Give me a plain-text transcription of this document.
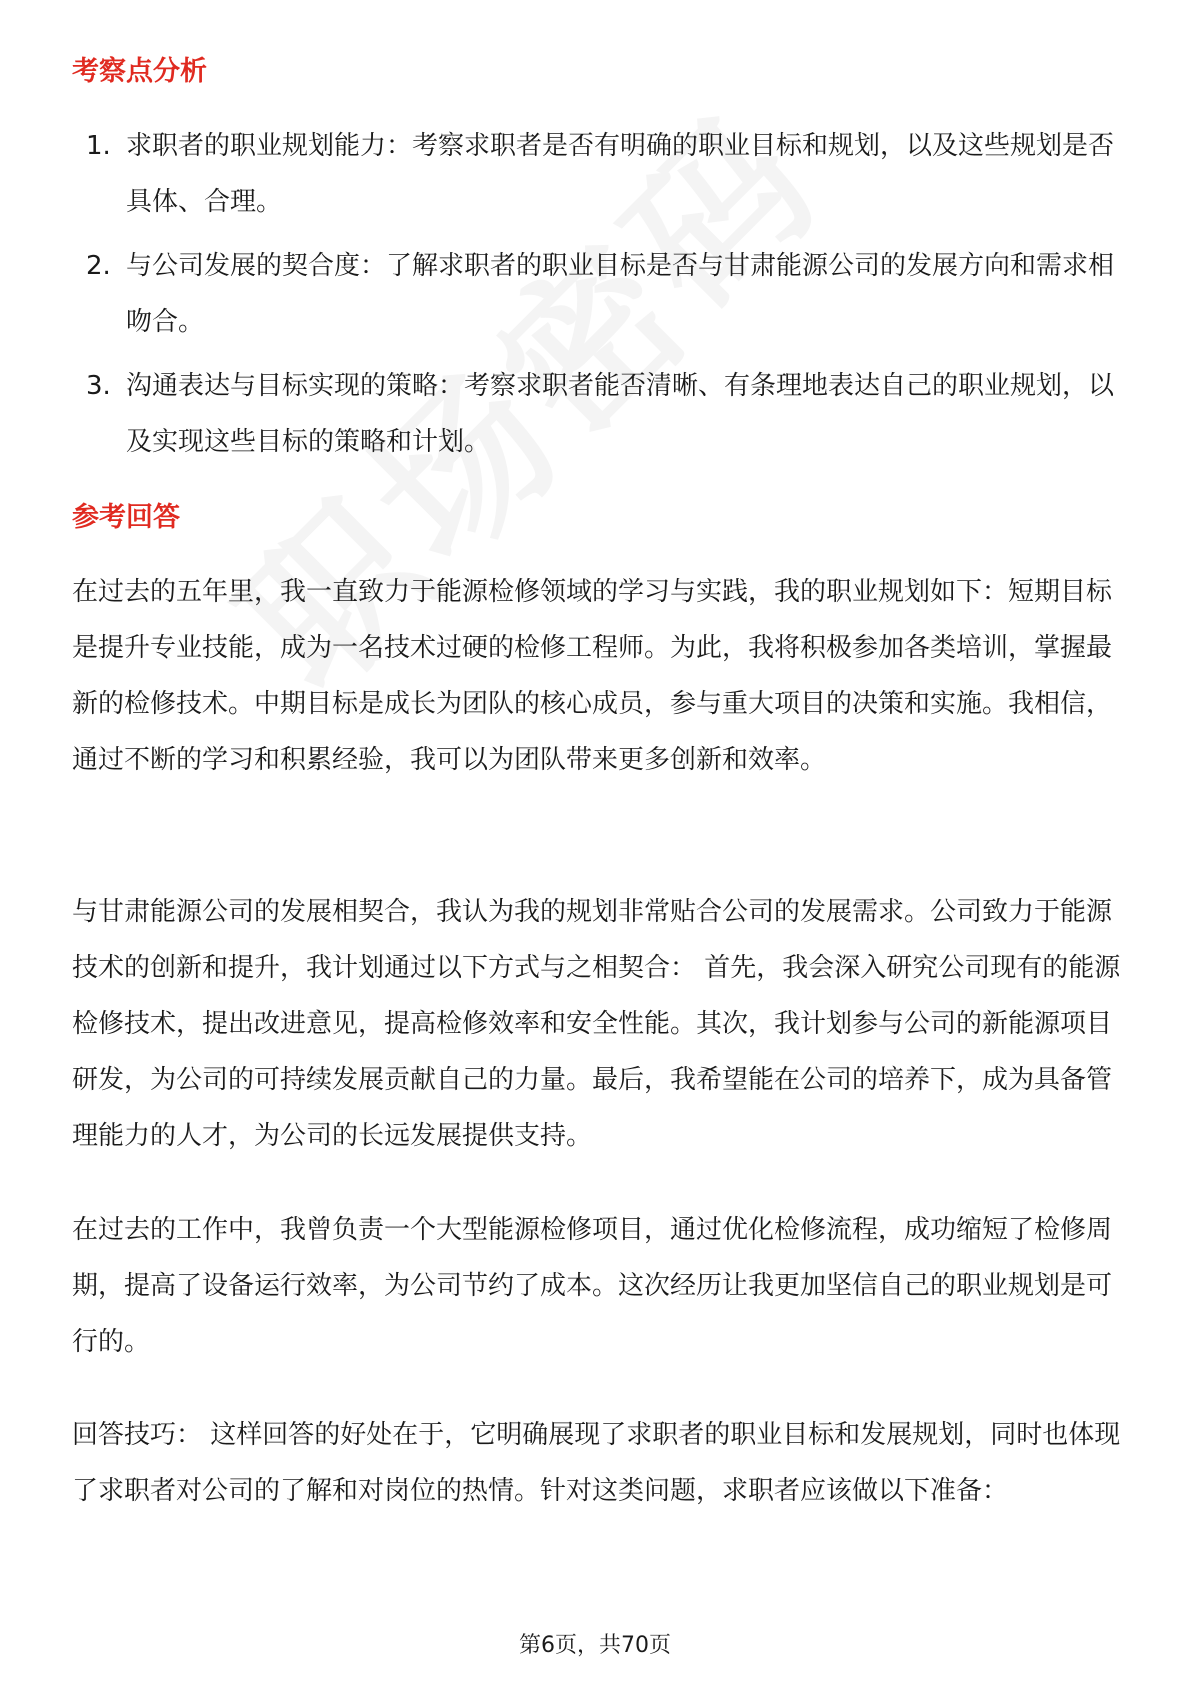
考察点分析
1. 求职者的职业规划能力：考察求职者是否有明确的职业目标和规划，以及这些规划是否具体、合理。
2. 与公司发展的契合度：了解求职者的职业目标是否与甘肃能源公司的发展方向和需求相吻合。
3. 沟通表达与目标实现的策略：考察求职者能否清晰、有条理地表达自己的职业规划，以及实现这些目标的策略和计划。
参考回答

在过去的五年里，我一直致力于能源检修领域的学习与实践，我的职业规划如下：短期目标是提升专业技能，成为一名技术过硬的检修工程师。为此，我将积极参加各类培训，掌握最新的检修技术。中期目标是成长为团队的核心成员，参与重大项目的决策和实施。我相信，通过不断的学习和积累经验，我可以为团队带来更多创新和效率。

与甘肃能源公司的发展相契合，我认为我的规划非常贴合公司的发展需求。公司致力于能源技术的创新和提升，我计划通过以下方式与之相契合： 首先，我会深入研究公司现有的能源检修技术，提出改进意见，提高检修效率和安全性能。其次，我计划参与公司的新能源项目研发，为公司的可持续发展贡献自己的力量。最后，我希望能在公司的培养下，成为具备管理能力的人才，为公司的长远发展提供支持。

在过去的工作中，我曾负责一个大型能源检修项目，通过优化检修流程，成功缩短了检修周期，提高了设备运行效率，为公司节约了成本。这次经历让我更加坚信自己的职业规划是可行的。

回答技巧： 这样回答的好处在于，它明确展现了求职者的职业目标和发展规划，同时也体现了求职者对公司的了解和对岗位的热情。针对这类问题，求职者应该做以下准备：

第6页，共70页
